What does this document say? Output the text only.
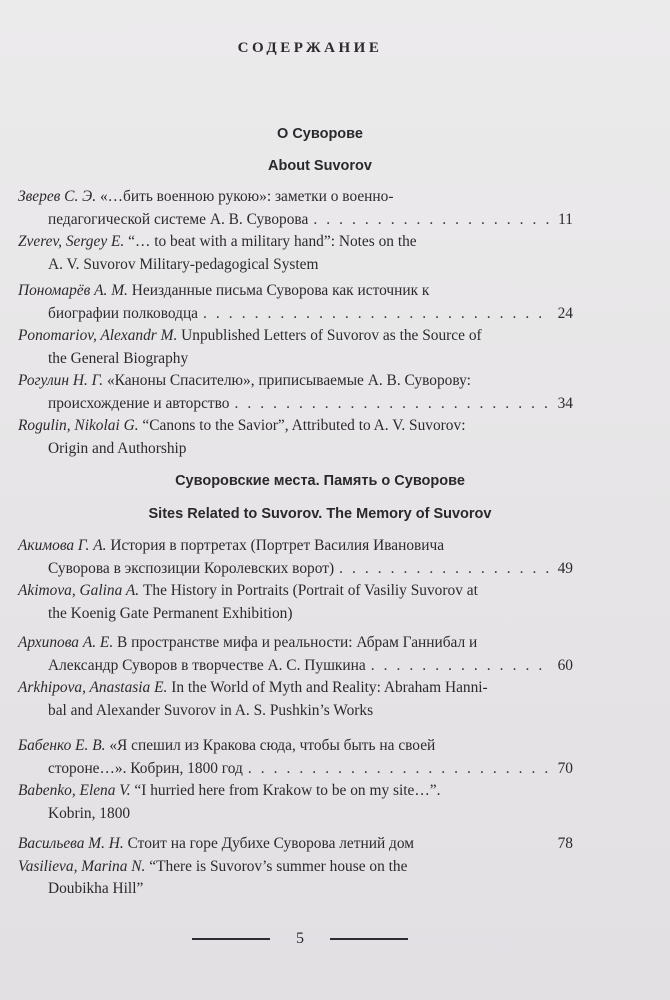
СОДЕРЖАНИЕ
О Суворове
About Suvorov
Зверев С. Э.
«…бить военною рукою»: заметки о военно-
педагогической системе А. В. Суворова . . .	11
Zverev, Sergey E.
“… to beat with a military hand”: Notes on the
A. V. Suvorov Military-pedagogical System
Пономарёв А. М.
Неизданные письма Суворова как источник к
биографии полководца . . .	24
Ponomariov, Alexandr M.
Unpublished Letters of Suvorov as the Source of
the General Biography
Рогулин Н. Г.
«Каноны Спасителю», приписываемые А. В. Суворову:
происхождение и авторство . . .	34
Rogulin, Nikolai G.
“Canons to the Savior”, Attributed to A. V. Suvorov:
Origin and Authorship
Суворовские места. Память о Суворове
Sites Related to Suvorov. The Memory of Suvorov
Акимова Г. А.
История в портретах (Портрет Василия Ивановича
Суворова в экспозиции Королевских ворот) . . .	49
Akimova, Galina A.
The History in Portraits (Portrait of Vasiliy Suvorov at
the Koenig Gate Permanent Exhibition)
Архипова А. Е.
В пространстве мифа и реальности: Абрам Ганнибал и
Александр Суворов в творчестве А. С. Пушкина . . .	60
Arkhipova, Anastasia E.
In the World of Myth and Reality: Abraham Hanni-
bal and Alexander Suvorov in A. S. Pushkin’s Works
Бабенко Е. В.
«Я спешил из Кракова сюда, чтобы быть на своей
стороне…». Кобрин, 1800 год . . .	70
Babenko, Elena V.
“I hurried here from Krakow to be on my site…”.
Kobrin, 1800
Васильева М. Н.
Стоит на горе Дубихе Суворова летний дом	78
Vasilieva, Marina N.
“There is Suvorov’s summer house on the
Doubikha Hill”
5
